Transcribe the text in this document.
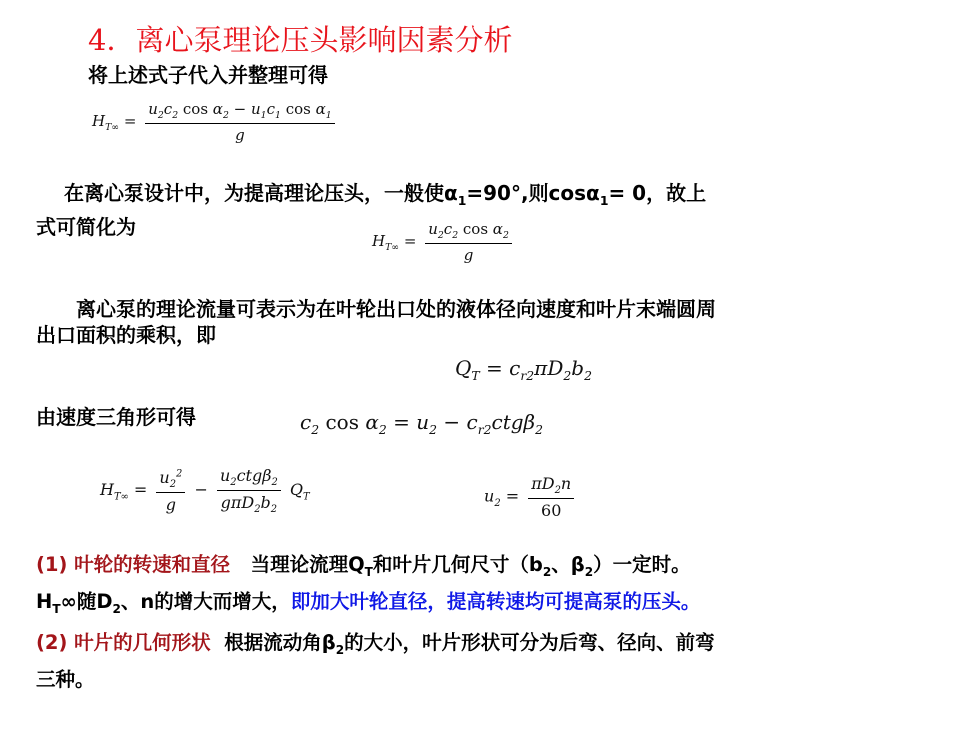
4．离心泵理论压头影响因素分析
将上述式子代入并整理可得
$H_{T\infty} = \frac{u_2c_2 \cos \alpha_2 - u_1c_1 \cos \alpha_1}{g}$
在离心泵设计中，为提高理论压头，一般使$\alpha_1=90^\circ$,则cosα$_1$= 0，故上
式可简化为
$H_{T\infty} = \frac{u_2c_2 \cos \alpha_2}{g}$
离心泵的理论流量可表示为在叶轮出口处的液体径向速度和叶片末端圆周
出口面积的乘积，即
$Q_T = c_{r2}\pi D_2b_2$
由速度三角形可得	$c_2$ $\cos \alpha_2 = u_2 - c_{r2}ctg\beta_2$
$H_{T\infty} = \frac{u_2^2}{g} - \frac{u_2ctg\beta_2}{g\pi D_2b_2} Q_T$	$u_2 = \frac{\pi D_2n}{60}$
(1) 叶轮的转速和直径 当理论流理$Q_T$和叶片几何尺寸（$b_2$、$\beta_2$）一定时。
$H_T\infty$随$D_2$、n的增大而增大，即加大叶轮直径，提高转速均可提高泵的压头。
(2) 叶片的几何形状 根据流动角$\beta_2$的大小，叶片形状可分为后弯、径向、前弯
三种。
